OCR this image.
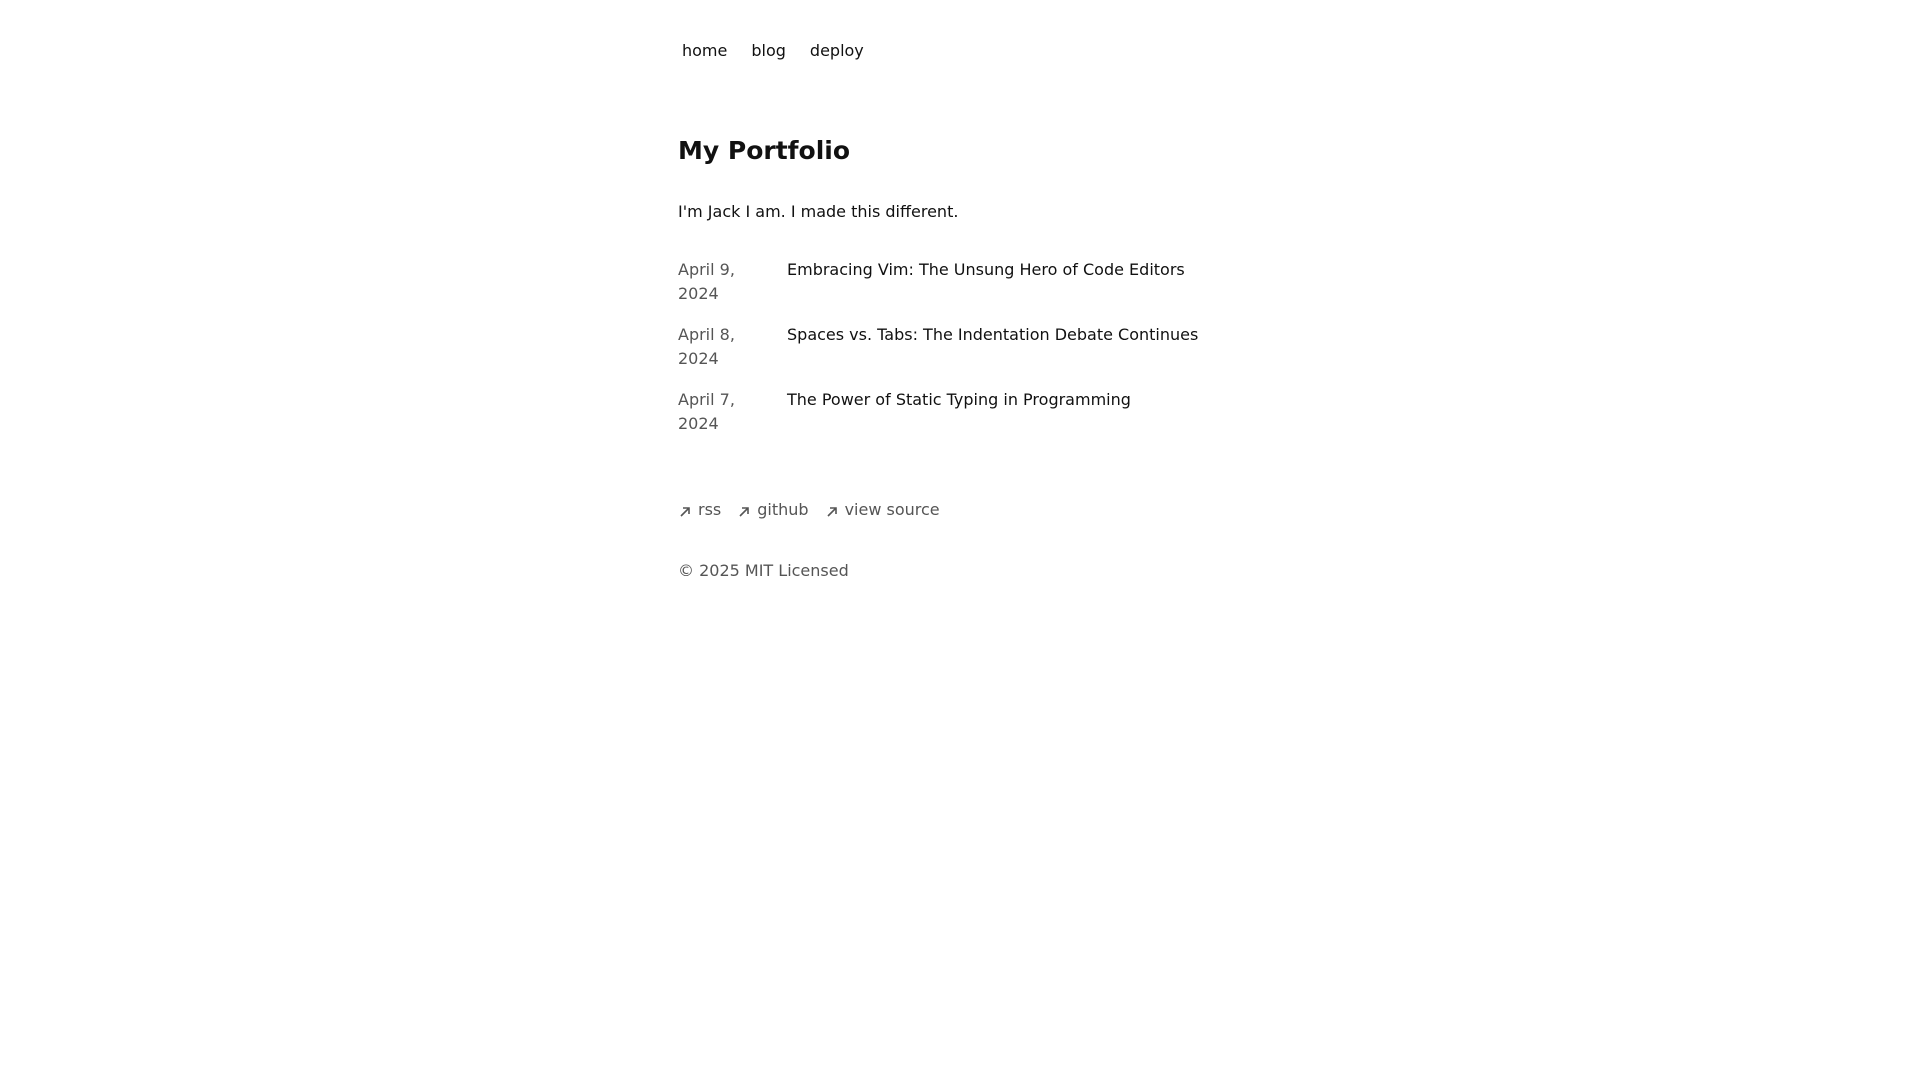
home blog deploy
My Portfolio

I'm Jack I am. I made this different.

April 9,
2024
Embracing Vim: The Unsung Hero of Code Editors
April 8,
2024
Spaces vs. Tabs: The Indentation Debate Continues
April 7,
2024
The Power of Static Typing in Programming
rss github view source
© 2025 MIT Licensed
